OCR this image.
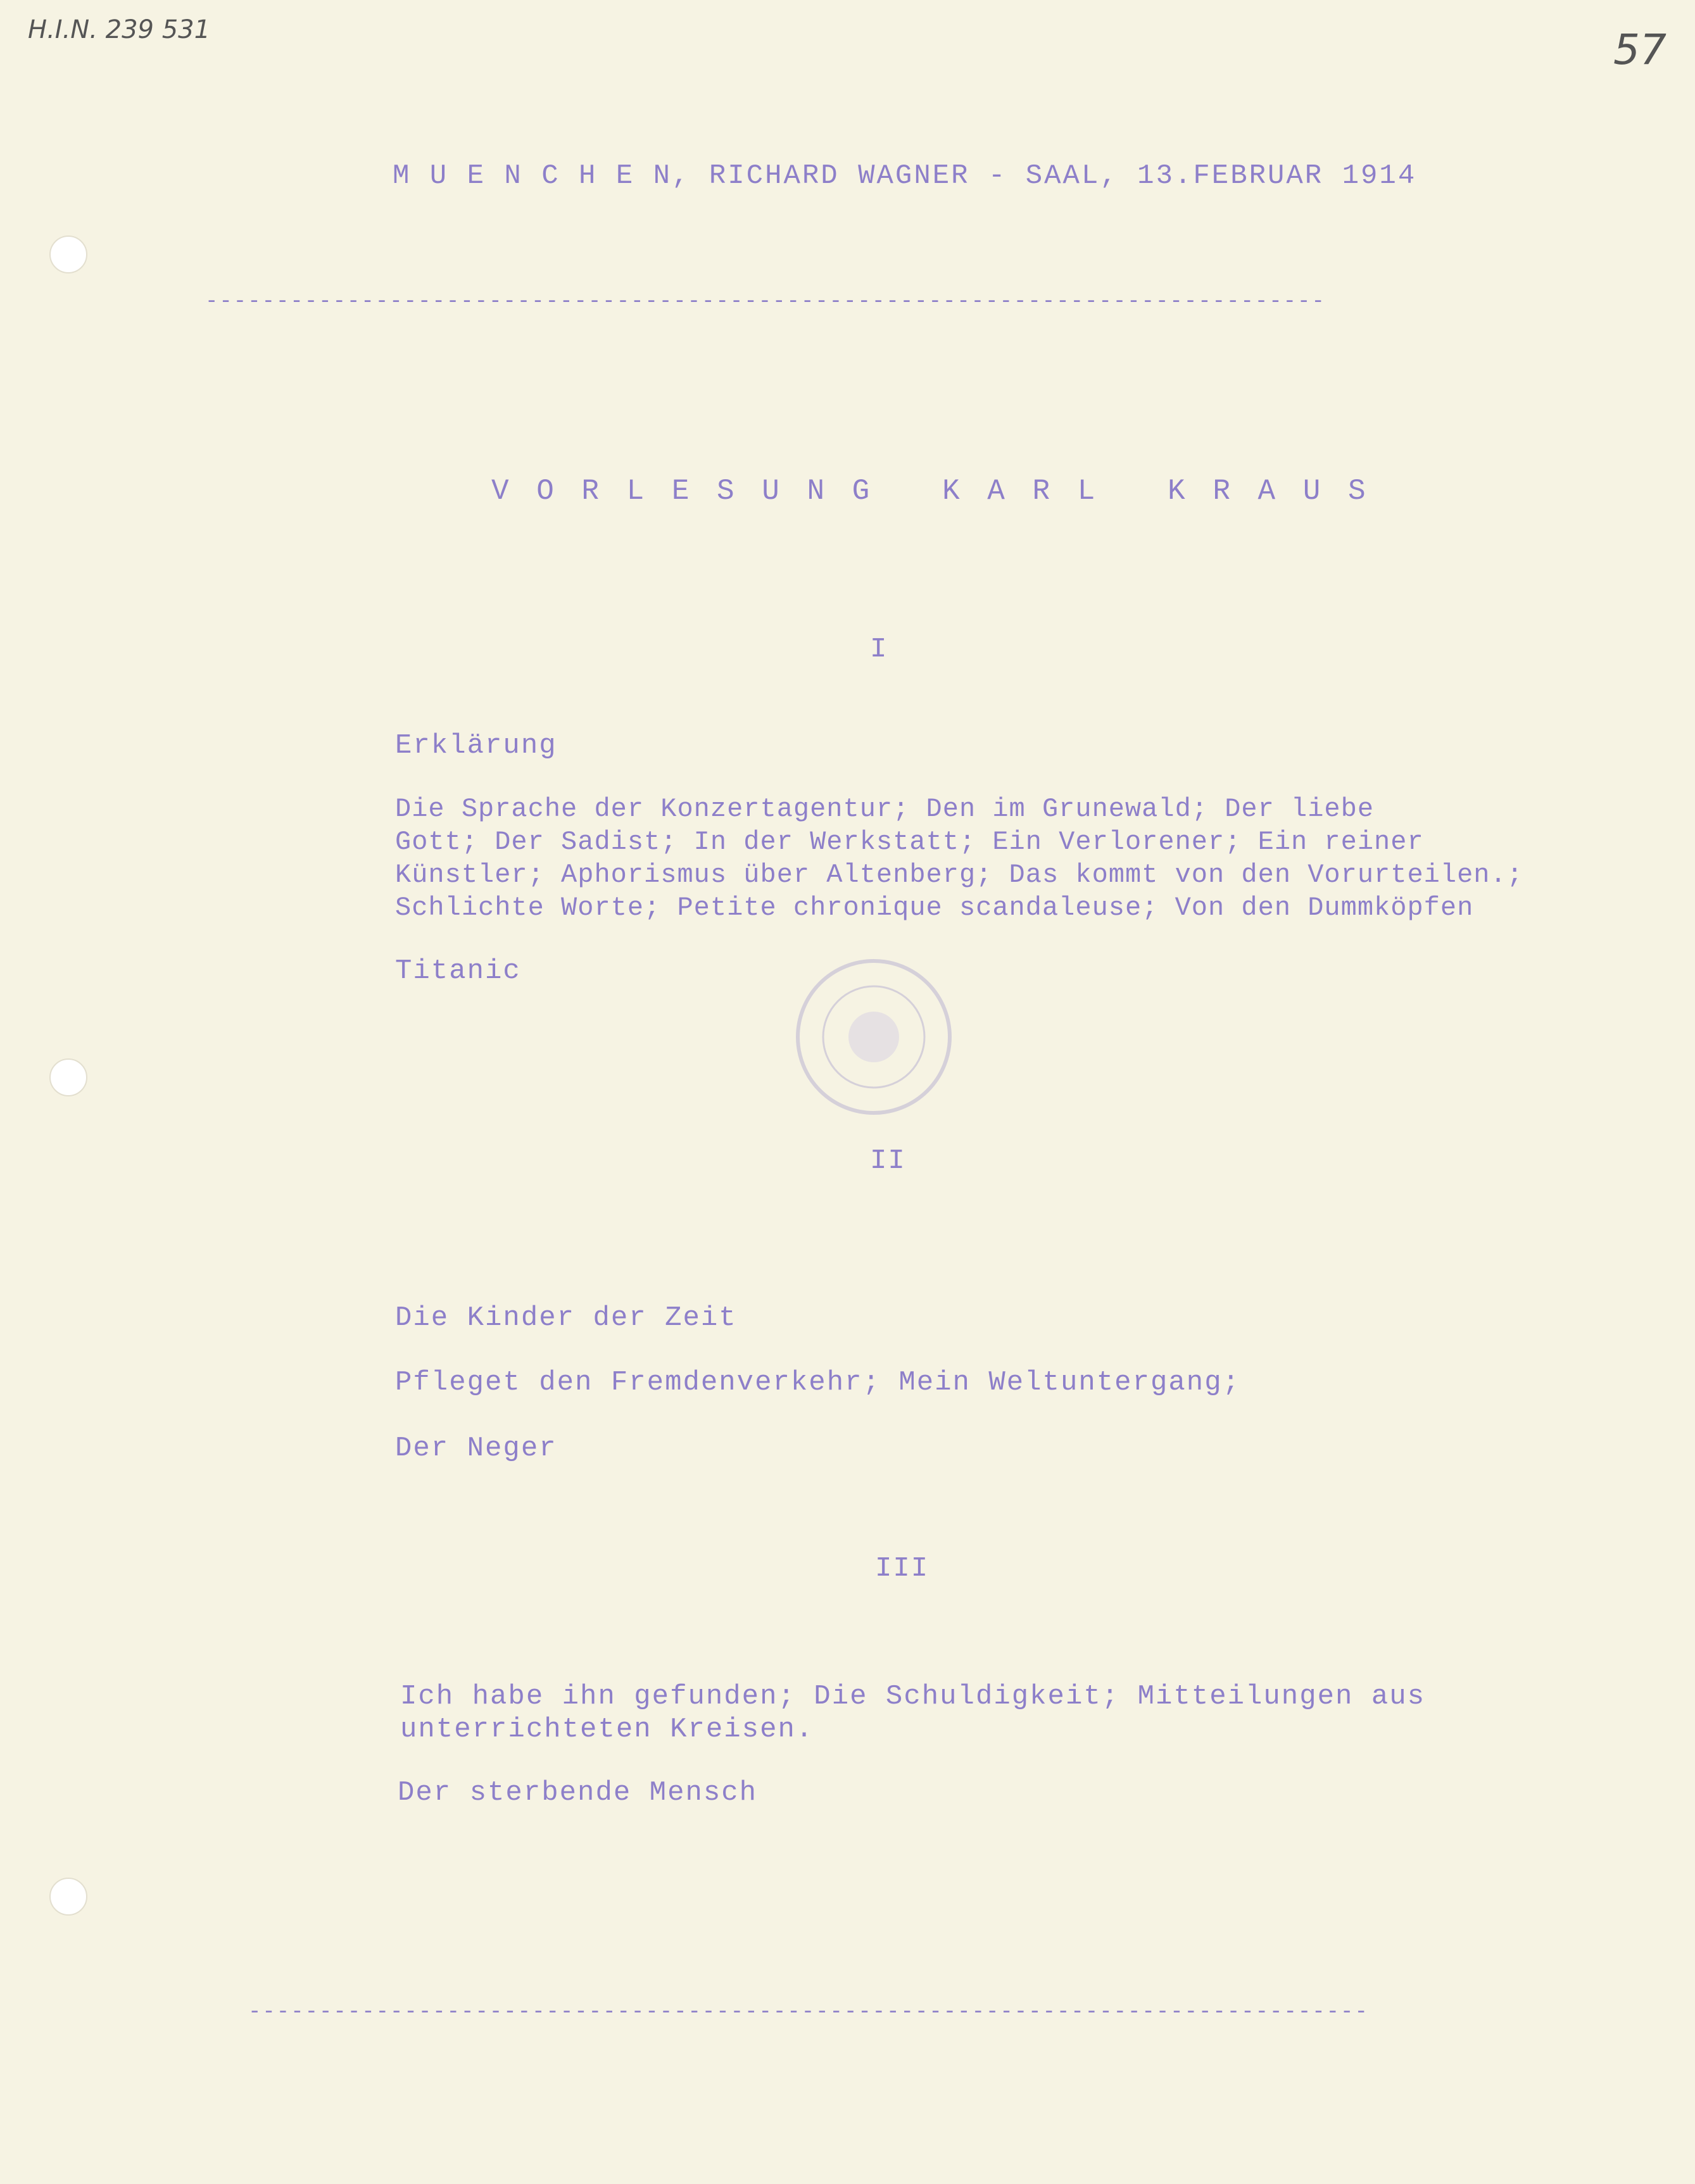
H.I.N. 239 531	57
M U E N C H E N, RICHARD WAGNER - SAAL, 13.FEBRUAR 1914
-------------------------------------------------------------------------------
V O R L E S U N G   K A R L   K R A U S
I
Erklärung
Die Sprache der Konzertagentur; Den im Grunewald; Der liebe
Gott; Der Sadist; In der Werkstatt; Ein Verlorener; Ein reiner
Künstler; Aphorismus über Altenberg; Das kommt von den Vorurteilen.;
Schlichte Worte; Petite chronique scandaleuse; Von den Dummköpfen
Titanic
II
Die Kinder der Zeit
Pfleget den Fremdenverkehr; Mein Weltuntergang;
Der Neger
III
Ich habe ihn gefunden; Die Schuldigkeit; Mitteilungen aus
unterrichteten Kreisen.
Der sterbende Mensch
-------------------------------------------------------------------------------
